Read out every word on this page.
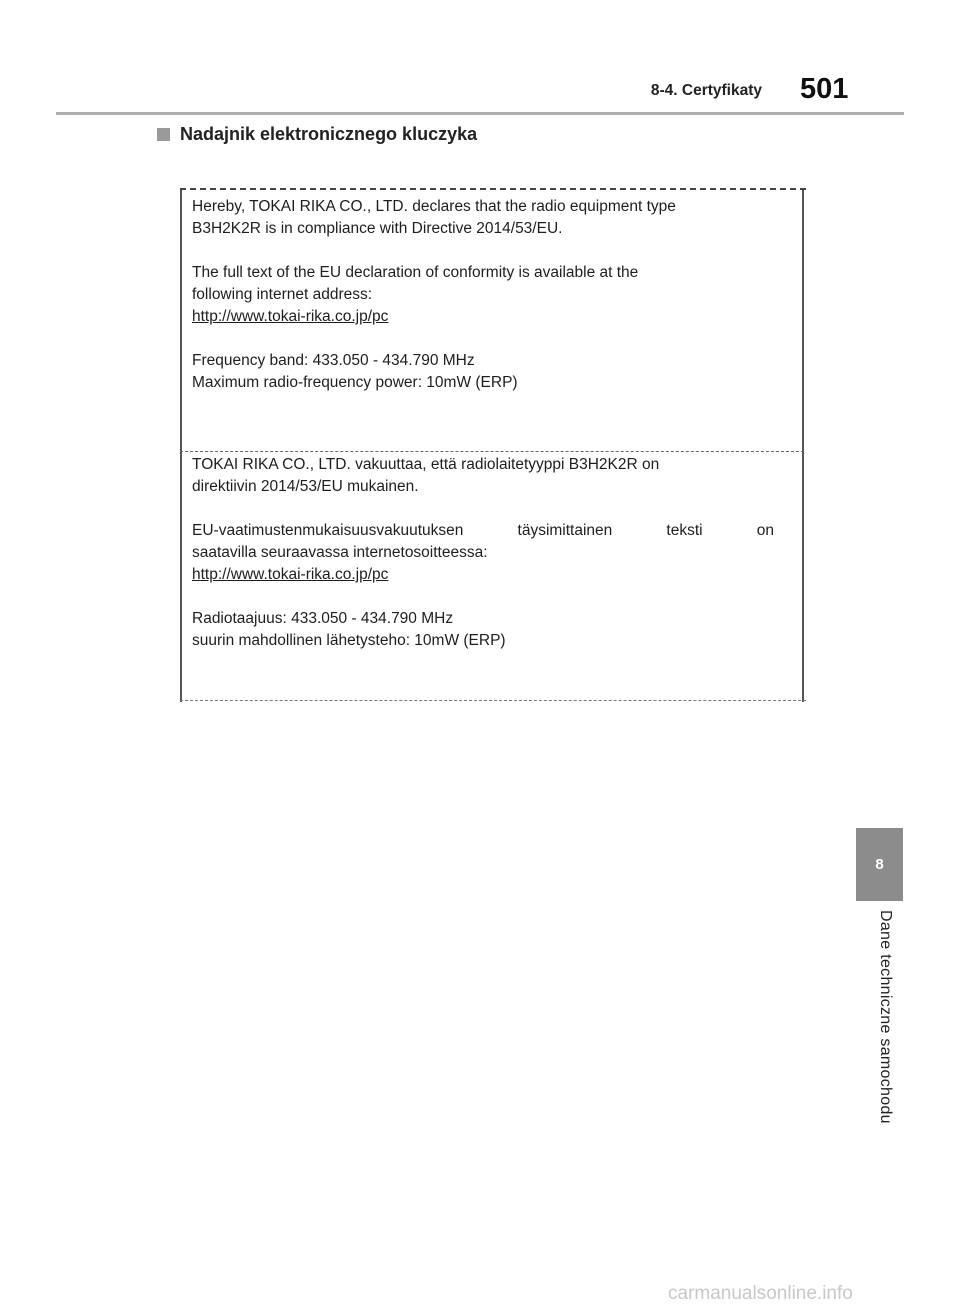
8-4. Certyfikaty 501
Nadajnik elektronicznego kluczyka

Hereby, TOKAI RIKA CO., LTD. declares that the radio equipment type

B3H2K2R is in compliance with Directive 2014/53/EU.

The full text of the EU declaration of conformity is available at the

following internet address:

http://www.tokai-rika.co.jp/pc

Frequency band: 433.050 - 434.790 MHz

Maximum radio-frequency power: 10mW (ERP)

TOKAI RIKA CO., LTD. vakuuttaa, että radiolaitetyyppi B3H2K2R on

direktiivin 2014/53/EU mukainen.

EU-vaatimustenmukaisuusvakuutuksen	täysimittainen	teksti	on

saatavilla seuraavassa internetosoitteessa:

http://www.tokai-rika.co.jp/pc

Radiotaajuus: 433.050 - 434.790 MHz

suurin mahdollinen lähetysteho: 10mW (ERP)

8
Dane techniczne samochodu
carmanualsonline.info
